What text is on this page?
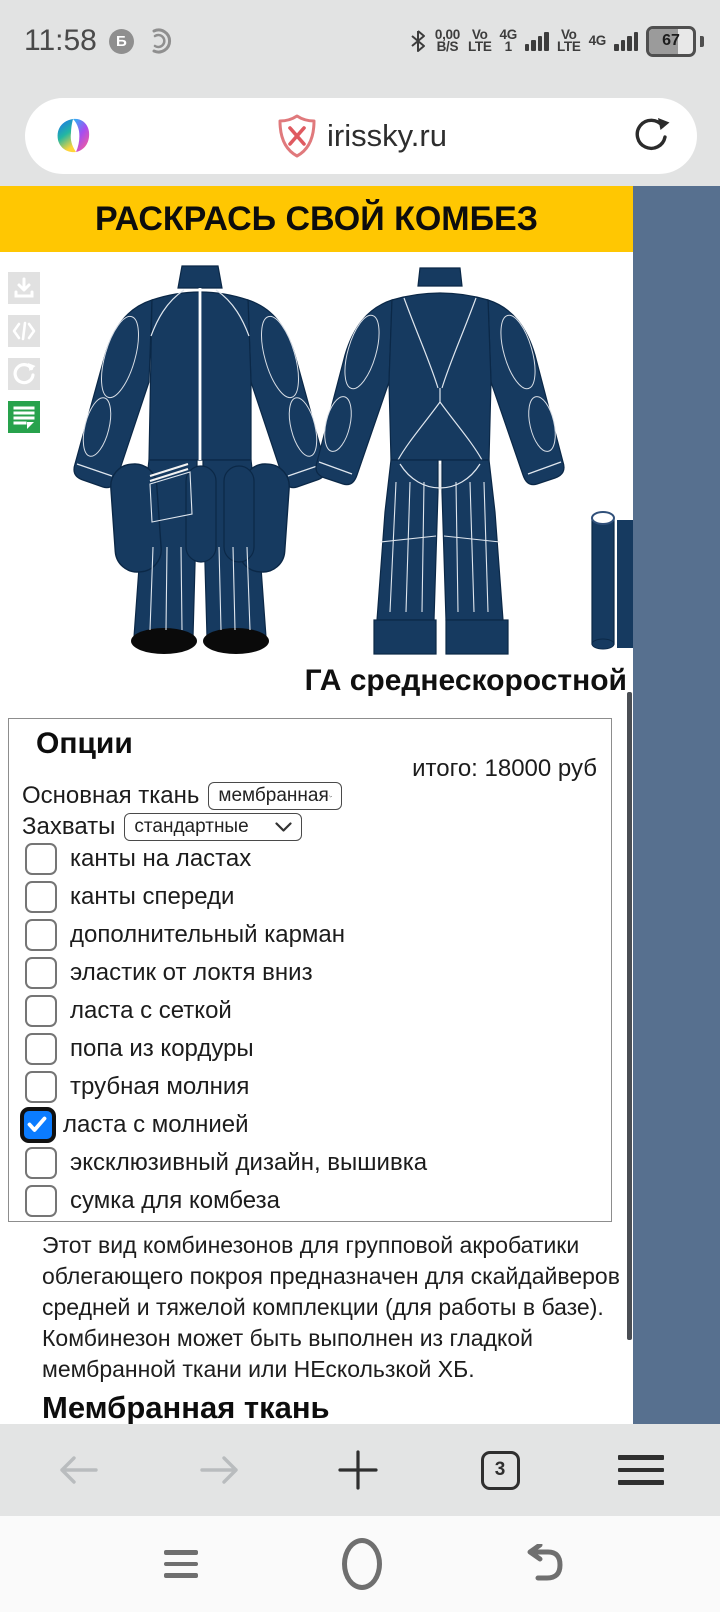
11:58	Б	0,00
B/S
Vo
LTE
4G
1
Vo
LTE 4G	67
irissky.ru
РАСКРАСЬ СВОЙ КОМБЕЗ
ГА среднескоростной
Опции
итого: 18000 руб
Основная ткань мембранная
Захваты стандартные
канты на ластах
канты спереди
дополнительный карман
эластик от локтя вниз
ласта с сеткой
попа из кордуры
трубная молния
ласта с молнией
эксклюзивный дизайн, вышивка
сумка для комбеза

Этот вид комбинезонов для групповой акробатики облегающего покроя предназначен для скайдайверов средней и тяжелой комплекции (для работы в базе). Комбинезон может быть выполнен из гладкой мембранной ткани или НЕскользкой ХБ.

Мембранная ткань
3
